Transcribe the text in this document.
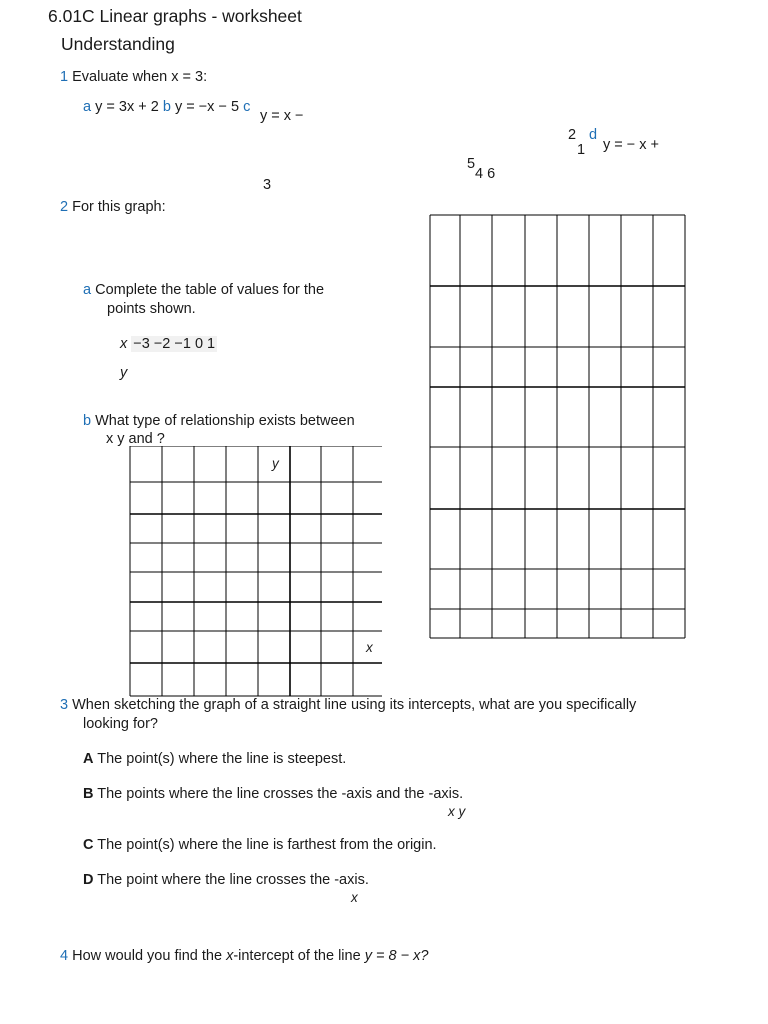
6.01C Linear graphs - worksheet
Understanding
1 Evaluate when x = 3:
a y = 3x + 2 b y = −x − 5 c
y = x −
3
2
1
d
y = − x +
5
4 6
2 For this graph:
a Complete the table of values for the
points shown.
x −3 −2 −1 0 1
y
b What type of relationship exists between
x y and ?
y
x
3 When sketching the graph of a straight line using its intercepts, what are you specifically
looking for?
A The point(s) where the line is steepest.
B The points where the line crosses the -axis and the -axis.
x y
C The point(s) where the line is farthest from the origin.
D The point where the line crosses the -axis.
x
4 How would you find the x-intercept of the line y = 8 − x?
